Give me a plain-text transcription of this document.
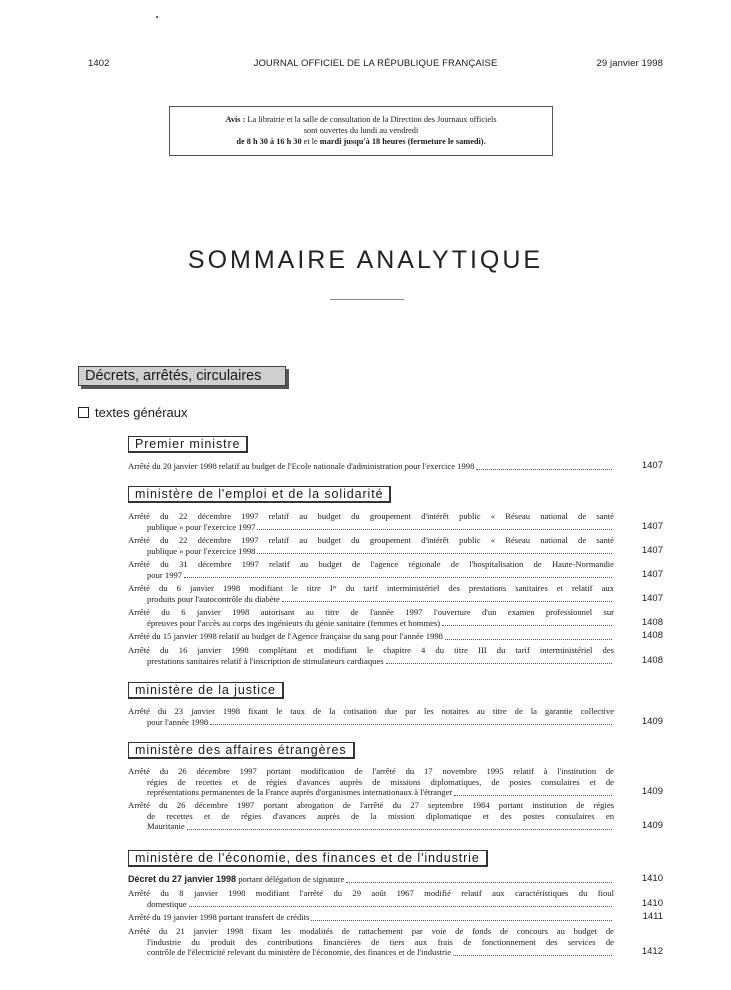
1402	JOURNAL OFFICIEL DE LA RÉPUBLIQUE FRANÇAISE	29 janvier 1998
Avis : La librairie et la salle de consultation de la Direction des Journaux officiels
sont ouvertes du lundi au vendredi
de 8 h 30 à 16 h 30 et le mardi jusqu'à 18 heures (fermeture le samedi).
SOMMAIRE ANALYTIQUE
Décrets, arrêtés, circulaires
textes généraux
Premier ministre
Arrêté du 20 janvier 1998 relatif au budget de l'Ecole nationale d'administration pour l'exercice 1998	1407
ministère de l'emploi et de la solidarité
Arrêté du 22 décembre 1997 relatif au budget du groupement d'intérêt public « Réseau national de santé
publique » pour l'exercice 1997	1407
Arrêté du 22 décembre 1997 relatif au budget du groupement d'intérêt public « Réseau national de santé
publique » pour l'exercice 1998	1407
Arrêté du 31 décembre 1997 relatif au budget de l'agence régionale de l'hospitalisation de Haute-Normandie
pour 1997	1407
Arrêté du 6 janvier 1998 modifiant le titre Iᵉʳ du tarif interministériel des prestations sanitaires et relatif aux
produits pour l'autocontrôle du diabète	1407
Arrêté du 6 janvier 1998 autorisant au titre de l'année 1997 l'ouverture d'un examen professionnel sur
épreuves pour l'accès au corps des ingénieurs du génie sanitaire (femmes et hommes)	1408
Arrêté du 15 janvier 1998 relatif au budget de l'Agence française du sang pour l'année 1998	1408
Arrêté du 16 janvier 1998 complétant et modifiant le chapitre 4 du titre III du tarif interministériel des
prestations sanitaires relatif à l'inscription de stimulateurs cardiaques	1408
ministère de la justice
Arrêté du 23 janvier 1998 fixant le taux de la cotisation due par les notaires au titre de la garantie collective
pour l'année 1998	1409
ministère des affaires étrangères
Arrêté du 26 décembre 1997 portant modification de l'arrêté du 17 novembre 1995 relatif à l'institution de
régies de recettes et de régies d'avances auprès de missions diplomatiques, de postes consulaires et de
représentations permanentes de la France auprès d'organismes internationaux à l'étranger	1409
Arrêté du 26 décembre 1997 portant abrogation de l'arrêté du 27 septembre 1984 portant institution de régies
de recettes et de régies d'avances auprès de la mission diplomatique et des postes consulaires en
Mauritanie	1409
ministère de l'économie, des finances et de l'industrie
Décret du 27 janvier 1998 portant délégation de signature	1410
Arrêté du 8 janvier 1998 modifiant l'arrêté du 29 août 1967 modifié relatif aux caractéristiques du fioul
domestique	1410
Arrêté du 19 janvier 1998 portant transfert de crédits	1411
Arrêté du 21 janvier 1998 fixant les modalités de rattachement par voie de fonds de concours au budget de
l'industrie du produit des contributions financières de tiers aux frais de fonctionnement des services de
contrôle de l'électricité relevant du ministère de l'économie, des finances et de l'industrie	1412
